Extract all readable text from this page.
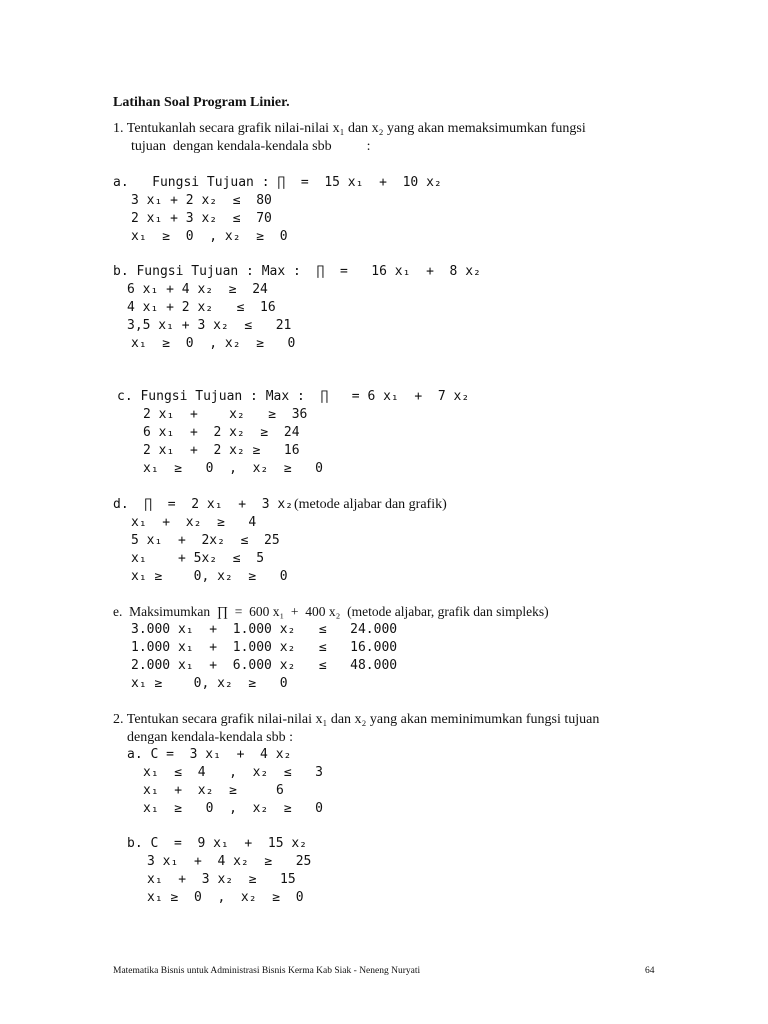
Latihan Soal Program Linier.
1. Tentukanlah secara grafik nilai-nilai x₁ dan x₂ yang akan memaksimumkan fungsi
tujuan  dengan kendala-kendala sbb          :
a.   Fungsi Tujuan : ∏  =  15 x₁  +  10 x₂
3 x₁ + 2 x₂  ≤  80
2 x₁ + 3 x₂  ≤  70
x₁  ≥  0  , x₂  ≥  0
b. Fungsi Tujuan : Max :  ∏  =   16 x₁  +  8 x₂
6 x₁ + 4 x₂  ≥  24
4 x₁ + 2 x₂   ≤  16
3,5 x₁ + 3 x₂  ≤   21
x₁  ≥  0  , x₂  ≥   0
c. Fungsi Tujuan : Max :  ∏   = 6 x₁  +  7 x₂
2 x₁  +    x₂   ≥  36
6 x₁  +  2 x₂  ≥  24
2 x₁  +  2 x₂ ≥   16
x₁  ≥   0  ,  x₂  ≥   0
d.  ∏  =  2 x₁  +  3 x₂ (metode aljabar dan grafik)
x₁  +  x₂  ≥   4
5 x₁  +  2x₂  ≤  25
x₁    + 5x₂  ≤  5
x₁ ≥    0, x₂  ≥   0
e.  Maksimumkan  ∏  =  600 x₁  +  400 x₂  (metode aljabar, grafik dan simpleks)
3.000 x₁  +  1.000 x₂   ≤   24.000
1.000 x₁  +  1.000 x₂   ≤   16.000
2.000 x₁  +  6.000 x₂   ≤   48.000
x₁ ≥    0, x₂  ≥   0
2. Tentukan secara grafik nilai-nilai x₁ dan x₂ yang akan meminimumkan fungsi tujuan
dengan kendala-kendala sbb :
a. C =  3 x₁  +  4 x₂
x₁  ≤  4   ,  x₂  ≤   3
x₁  +  x₂  ≥     6
x₁  ≥   0  ,  x₂  ≥   0
b. C  =  9 x₁  +  15 x₂
3 x₁  +  4 x₂  ≥   25
x₁  +  3 x₂  ≥   15
x₁ ≥  0  ,  x₂  ≥  0
Matematika Bisnis untuk Administrasi Bisnis Kerma Kab Siak - Neneng Nuryati	64
